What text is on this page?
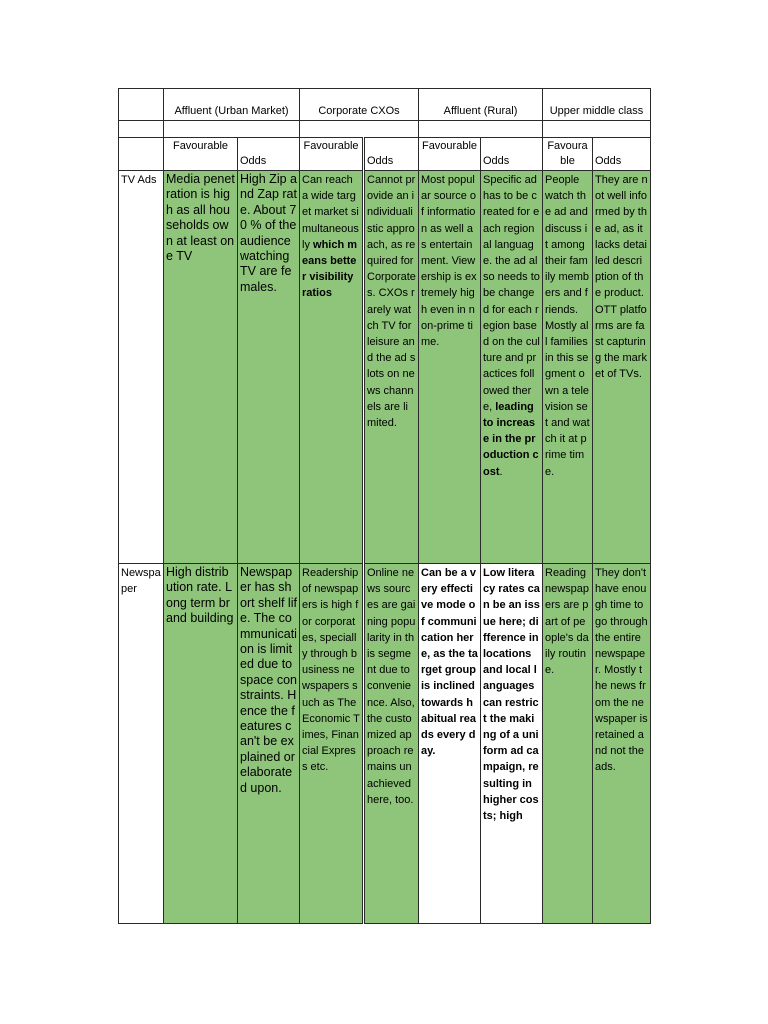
	Affluent (Urban Market)		Corporate CXOs		Affluent (Rural)		Upper middle class	

	Favourable	Odds	Favourable	Odds	Favourable	Odds	Favourable	Odds
TV Ads	Media penetration is high as all households own at least one TV	High Zip and Zap rate. About 70 % of the audience watching TV are females.	Can reach a wide target market simultaneously which means better visibility ratios	Cannot provide an individualistic approach, as required for Corporates. CXOs rarely watch TV for leisure and the ad slots on news channels are limited.	Most popular source of information as well as entertainment. Viewership is extremely high even in non-prime time.	Specific ad has to be created for each regional language. the ad also needs to be changed for each region based on the culture and practices followed there, leading to increase in the production cost.	People watch the ad and discuss it among their family members and friends. Mostly all families in this segment own a television set and watch it at prime time.	They are not well informed by the ad, as it lacks detailed description of the product. OTT platforms are fast capturing the market of TVs.
Newspaper	High distribution rate. Long term brand building	Newspaper has short shelf life. The communication is limited due to space constraints. Hence the features can't be explained or elaborated upon.	Readership of newspapers is high for corporates, specially through business newspapers such as The Economic Times, Financial Express etc.	Online news sources are gaining popularity in this segment due to convenience. Also, the customized approach remains unachieved here, too.	Can be a very effective mode of communication here, as the target group is inclined towards habitual reads every day.	Low literacy rates can be an issue here; difference in locations and local languages can restrict the making of a uniform ad campaign, resulting in higher costs; high	Reading newspapers are part of people's daily routine.	They don't have enough time to go through the entire newspaper. Mostly the news from the newspaper is retained and not the ads.
